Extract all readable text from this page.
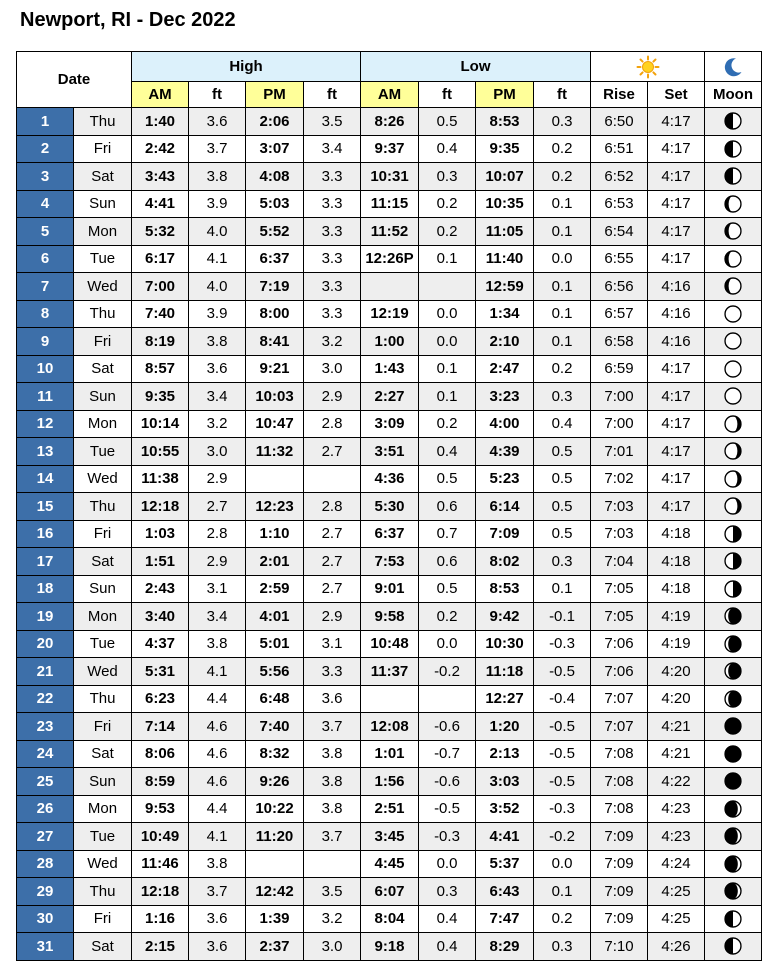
Newport, RI - Dec 2022
Date		High				Low	

		AM	ft	PM	ft	AM	ft	PM	ft	Rise	Set	Moon
1	Thu	1:40	3.6	2:06	3.5	8:26	0.5	8:53	0.3	6:50	4:17	

2	Fri	2:42	3.7	3:07	3.4	9:37	0.4	9:35	0.2	6:51	4:17	

3	Sat	3:43	3.8	4:08	3.3	10:31	0.3	10:07	0.2	6:52	4:17	

4	Sun	4:41	3.9	5:03	3.3	11:15	0.2	10:35	0.1	6:53	4:17	

5	Mon	5:32	4.0	5:52	3.3	11:52	0.2	11:05	0.1	6:54	4:17	

6	Tue	6:17	4.1	6:37	3.3	12:26P	0.1	11:40	0.0	6:55	4:17	

7	Wed	7:00	4.0	7:19	3.3			12:59	0.1	6:56	4:16	

8	Thu	7:40	3.9	8:00	3.3	12:19	0.0	1:34	0.1	6:57	4:16	

9	Fri	8:19	3.8	8:41	3.2	1:00	0.0	2:10	0.1	6:58	4:16	

10	Sat	8:57	3.6	9:21	3.0	1:43	0.1	2:47	0.2	6:59	4:17	

11	Sun	9:35	3.4	10:03	2.9	2:27	0.1	3:23	0.3	7:00	4:17	

12	Mon	10:14	3.2	10:47	2.8	3:09	0.2	4:00	0.4	7:00	4:17	

13	Tue	10:55	3.0	11:32	2.7	3:51	0.4	4:39	0.5	7:01	4:17	

14	Wed	11:38	2.9			4:36	0.5	5:23	0.5	7:02	4:17	

15	Thu	12:18	2.7	12:23	2.8	5:30	0.6	6:14	0.5	7:03	4:17	

16	Fri	1:03	2.8	1:10	2.7	6:37	0.7	7:09	0.5	7:03	4:18	

17	Sat	1:51	2.9	2:01	2.7	7:53	0.6	8:02	0.3	7:04	4:18	

18	Sun	2:43	3.1	2:59	2.7	9:01	0.5	8:53	0.1	7:05	4:18	

19	Mon	3:40	3.4	4:01	2.9	9:58	0.2	9:42	-0.1	7:05	4:19	

20	Tue	4:37	3.8	5:01	3.1	10:48	0.0	10:30	-0.3	7:06	4:19	

21	Wed	5:31	4.1	5:56	3.3	11:37	-0.2	11:18	-0.5	7:06	4:20	

22	Thu	6:23	4.4	6:48	3.6			12:27	-0.4	7:07	4:20	

23	Fri	7:14	4.6	7:40	3.7	12:08	-0.6	1:20	-0.5	7:07	4:21	

24	Sat	8:06	4.6	8:32	3.8	1:01	-0.7	2:13	-0.5	7:08	4:21	

25	Sun	8:59	4.6	9:26	3.8	1:56	-0.6	3:03	-0.5	7:08	4:22	

26	Mon	9:53	4.4	10:22	3.8	2:51	-0.5	3:52	-0.3	7:08	4:23	

27	Tue	10:49	4.1	11:20	3.7	3:45	-0.3	4:41	-0.2	7:09	4:23	

28	Wed	11:46	3.8			4:45	0.0	5:37	0.0	7:09	4:24	

29	Thu	12:18	3.7	12:42	3.5	6:07	0.3	6:43	0.1	7:09	4:25	

30	Fri	1:16	3.6	1:39	3.2	8:04	0.4	7:47	0.2	7:09	4:25	

31	Sat	2:15	3.6	2:37	3.0	9:18	0.4	8:29	0.3	7:10	4:26	
